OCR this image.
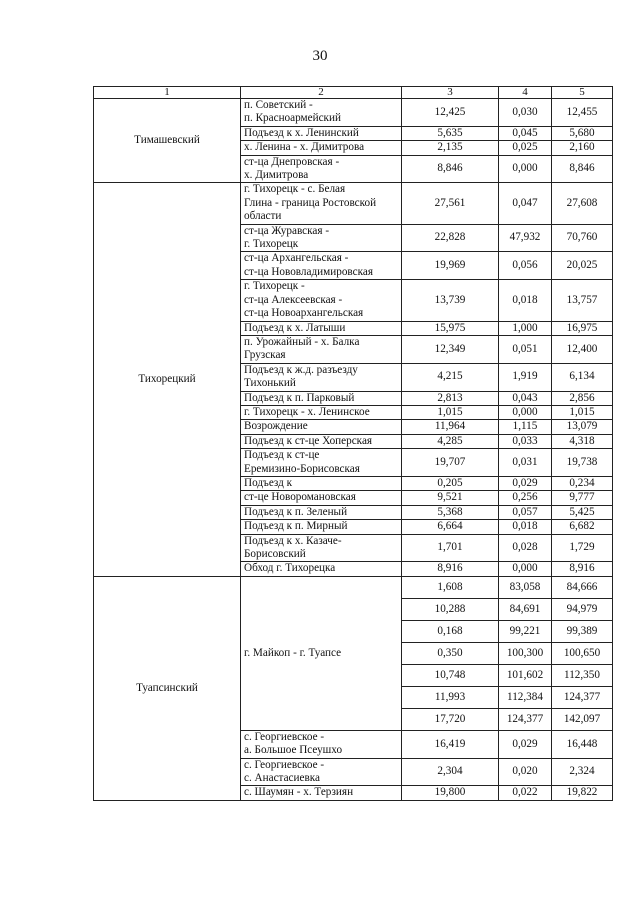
30
1	2	3	4	5
Тимашевский	п. Советский -
п. Красноармейский	12,425	0,030	12,455
	Подъезд к х. Ленинский	5,635	0,045	5,680
	х. Ленина - х. Димитрова	2,135	0,025	2,160
	ст-ца Днепровская -
х. Димитрова	8,846	0,000	8,846
Тихорецкий	г. Тихорецк - с. Белая
Глина - граница Ростовской
области	27,561	0,047	27,608
	ст-ца Журавская -
г. Тихорецк	22,828	47,932	70,760
	ст-ца Архангельская -
ст-ца Нововладимировская	19,969	0,056	20,025
	г. Тихорецк -
ст-ца Алексеевская -
ст-ца Новоархангельская	13,739	0,018	13,757
	Подъезд к х. Латыши	15,975	1,000	16,975
	п. Урожайный - х. Балка
Грузская	12,349	0,051	12,400
	Подъезд к ж.д. разъезду
Тихонький	4,215	1,919	6,134
	Подъезд к п. Парковый	2,813	0,043	2,856
	г. Тихорецк - х. Ленинское	1,015	0,000	1,015
	Возрождение	11,964	1,115	13,079
	Подъезд к ст-це Хоперская	4,285	0,033	4,318
	Подъезд к ст-це
Еремизино-Борисовская	19,707	0,031	19,738
	Подъезд к	0,205	0,029	0,234
	ст-це Новоромановская	9,521	0,256	9,777
	Подъезд к п. Зеленый	5,368	0,057	5,425
	Подъезд к п. Мирный	6,664	0,018	6,682
	Подъезд к х. Казаче-
Борисовский	1,701	0,028	1,729
	Обход г. Тихорецка	8,916	0,000	8,916
Туапсинский	г. Майкоп - г. Туапсе	1,608	83,058	84,666
		10,288	84,691	94,979
		0,168	99,221	99,389
		0,350	100,300	100,650
		10,748	101,602	112,350
		11,993	112,384	124,377
		17,720	124,377	142,097
	с. Георгиевское -
а. Большое Псеушхо	16,419	0,029	16,448
	с. Георгиевское -
с. Анастасиевка	2,304	0,020	2,324
	с. Шаумян - х. Терзиян	19,800	0,022	19,822
